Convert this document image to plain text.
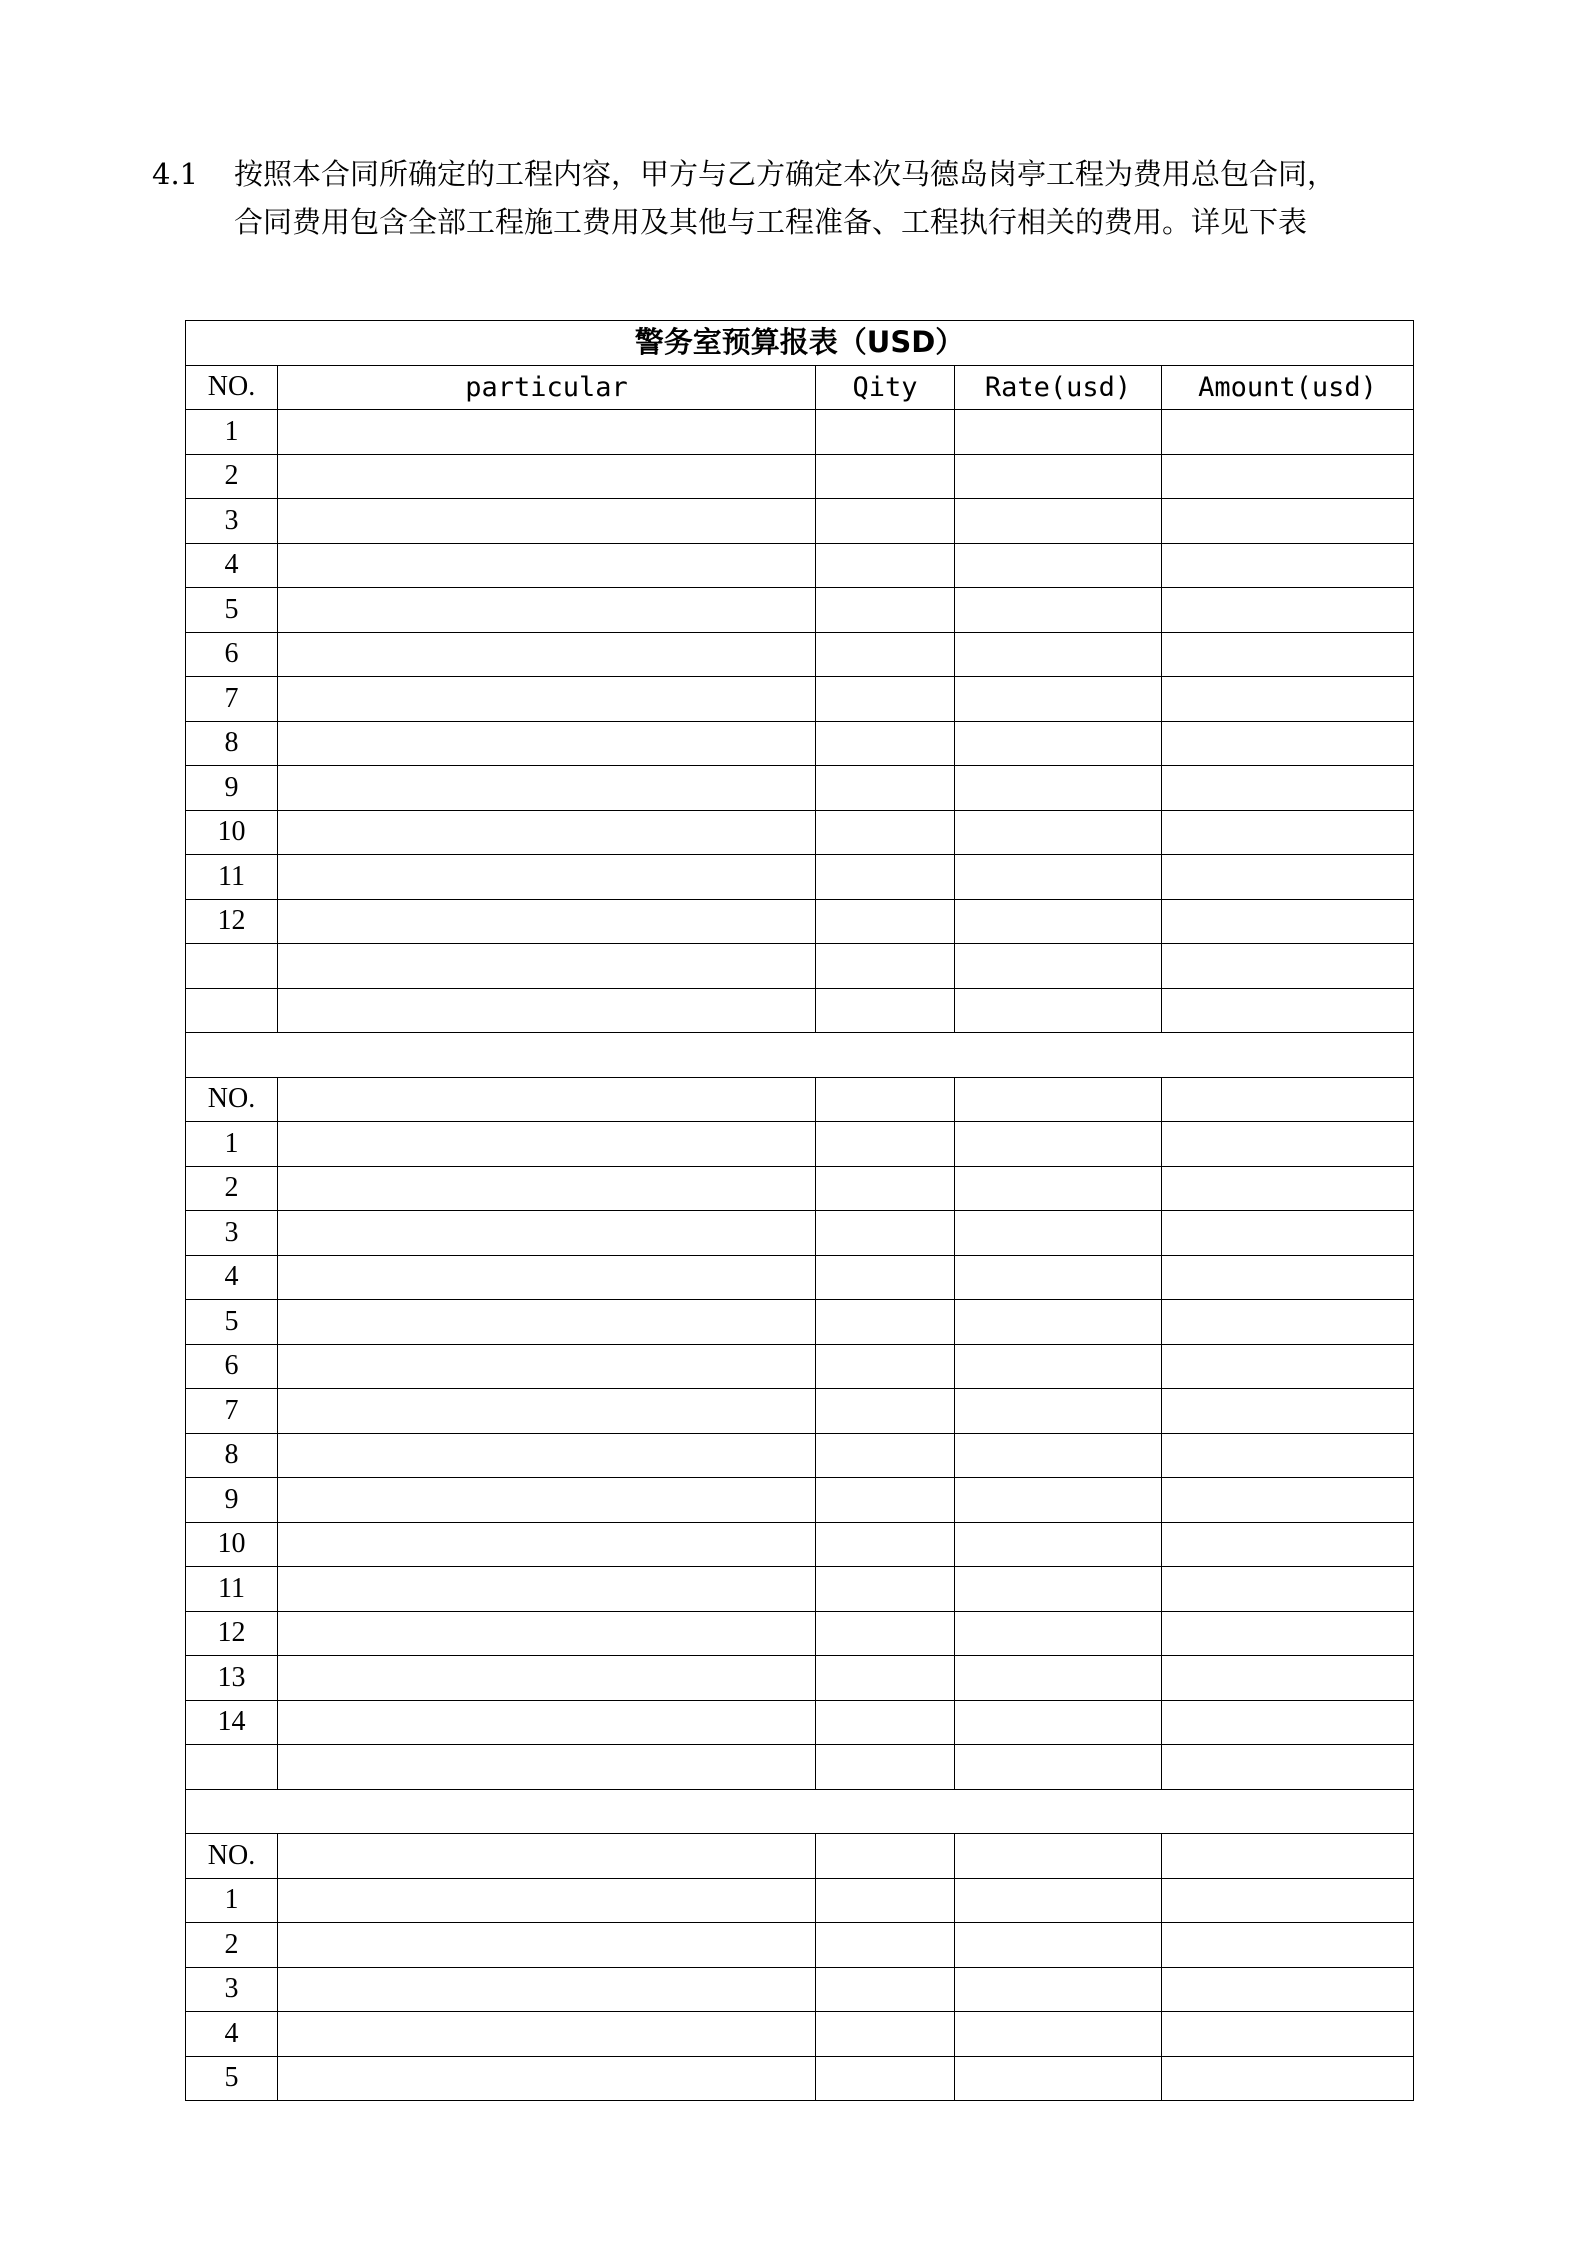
4.1	按照本合同所确定的工程内容，甲方与乙方确定本次马德岛岗亭工程为费用总包合同，
合同费用包含全部工程施工费用及其他与工程准备、工程执行相关的费用。详见下表
警务室预算报表（USD）				
NO.	particular	Qity	Rate(usd)	Amount(usd)
1				
2				
3				
4				
5				
6				
7				
8				
9				
10				
11				
12				

NO.				
1				
2				
3				
4				
5				
6				
7				
8				
9				
10				
11				
12				
13				
14				

NO.				
1				
2				
3				
4				
5				
